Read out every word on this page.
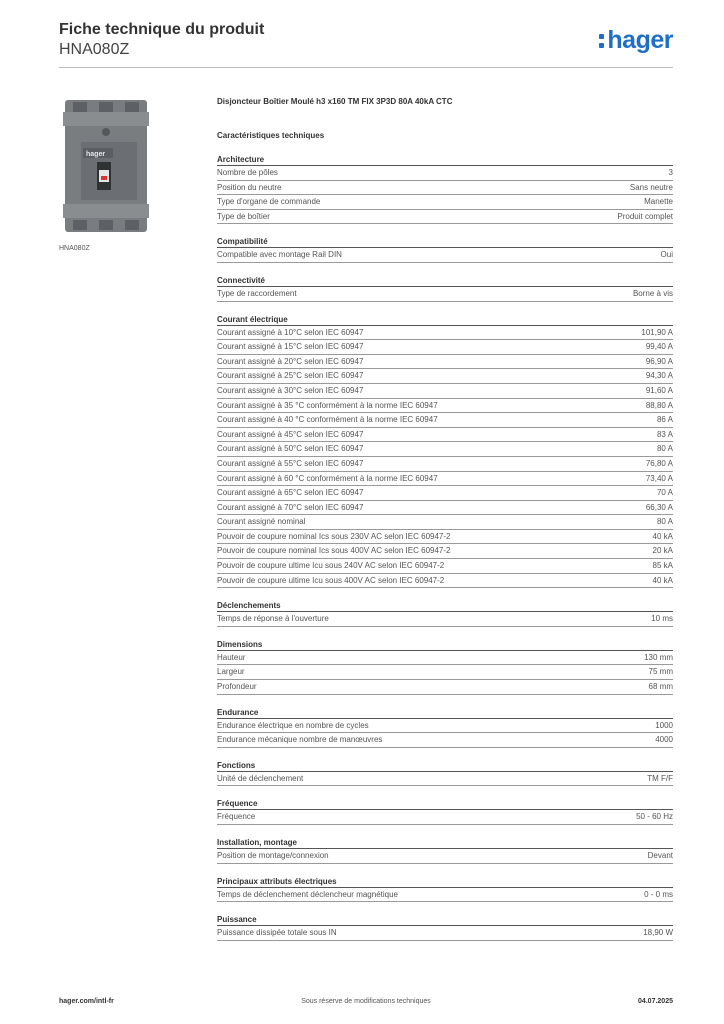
Fiche technique du produit
HNA080Z	hager
hager
HNA080Z
Disjoncteur Boîtier Moulé h3 x160 TM FIX 3P3D 80A 40kA CTC
Caractéristiques techniques
Architecture
Nombre de pôles	3
Position du neutre	Sans neutre
Type d'organe de commande	Manette
Type de boîtier	Produit complet
Compatibilité
Compatible avec montage Rail DIN	Oui
Connectivité
Type de raccordement	Borne à vis
Courant électrique
Courant assigné à 10°C selon IEC 60947	101,90 A
Courant assigné à 15°C selon IEC 60947	99,40 A
Courant assigné à 20°C selon IEC 60947	96,90 A
Courant assigné à 25°C selon IEC 60947	94,30 A
Courant assigné à 30°C selon IEC 60947	91,60 A
Courant assigné à 35 °C conformément à la norme IEC 60947	88,80 A
Courant assigné à 40 °C conformément à la norme IEC 60947	86 A
Courant assigné à 45°C selon IEC 60947	83 A
Courant assigné à 50°C selon IEC 60947	80 A
Courant assigné à 55°C selon IEC 60947	76,80 A
Courant assigné à 60 °C conformément à la norme IEC 60947	73,40 A
Courant assigné à 65°C selon IEC 60947	70 A
Courant assigné à 70°C selon IEC 60947	66,30 A
Courant assigné nominal	80 A
Pouvoir de coupure nominal Ics sous 230V AC selon IEC 60947-2	40 kA
Pouvoir de coupure nominal Ics sous 400V AC selon IEC 60947-2	20 kA
Pouvoir de coupure ultime Icu sous 240V AC selon IEC 60947-2	85 kA
Pouvoir de coupure ultime Icu sous 400V AC selon IEC 60947-2	40 kA
Déclenchements
Temps de réponse à l'ouverture	10 ms
Dimensions
Hauteur	130 mm
Largeur	75 mm
Profondeur	68 mm
Endurance
Endurance électrique en nombre de cycles	1000
Endurance mécanique nombre de manœuvres	4000
Fonctions
Unité de déclenchement	TM F/F
Fréquence
Fréquence	50 - 60 Hz
Installation, montage
Position de montage/connexion	Devant
Principaux attributs électriques
Temps de déclenchement déclencheur magnétique	0 - 0 ms
Puissance
Puissance dissipée totale sous IN	18,90 W
hager.com/intl-fr	Sous réserve de modifications techniques	04.07.2025
